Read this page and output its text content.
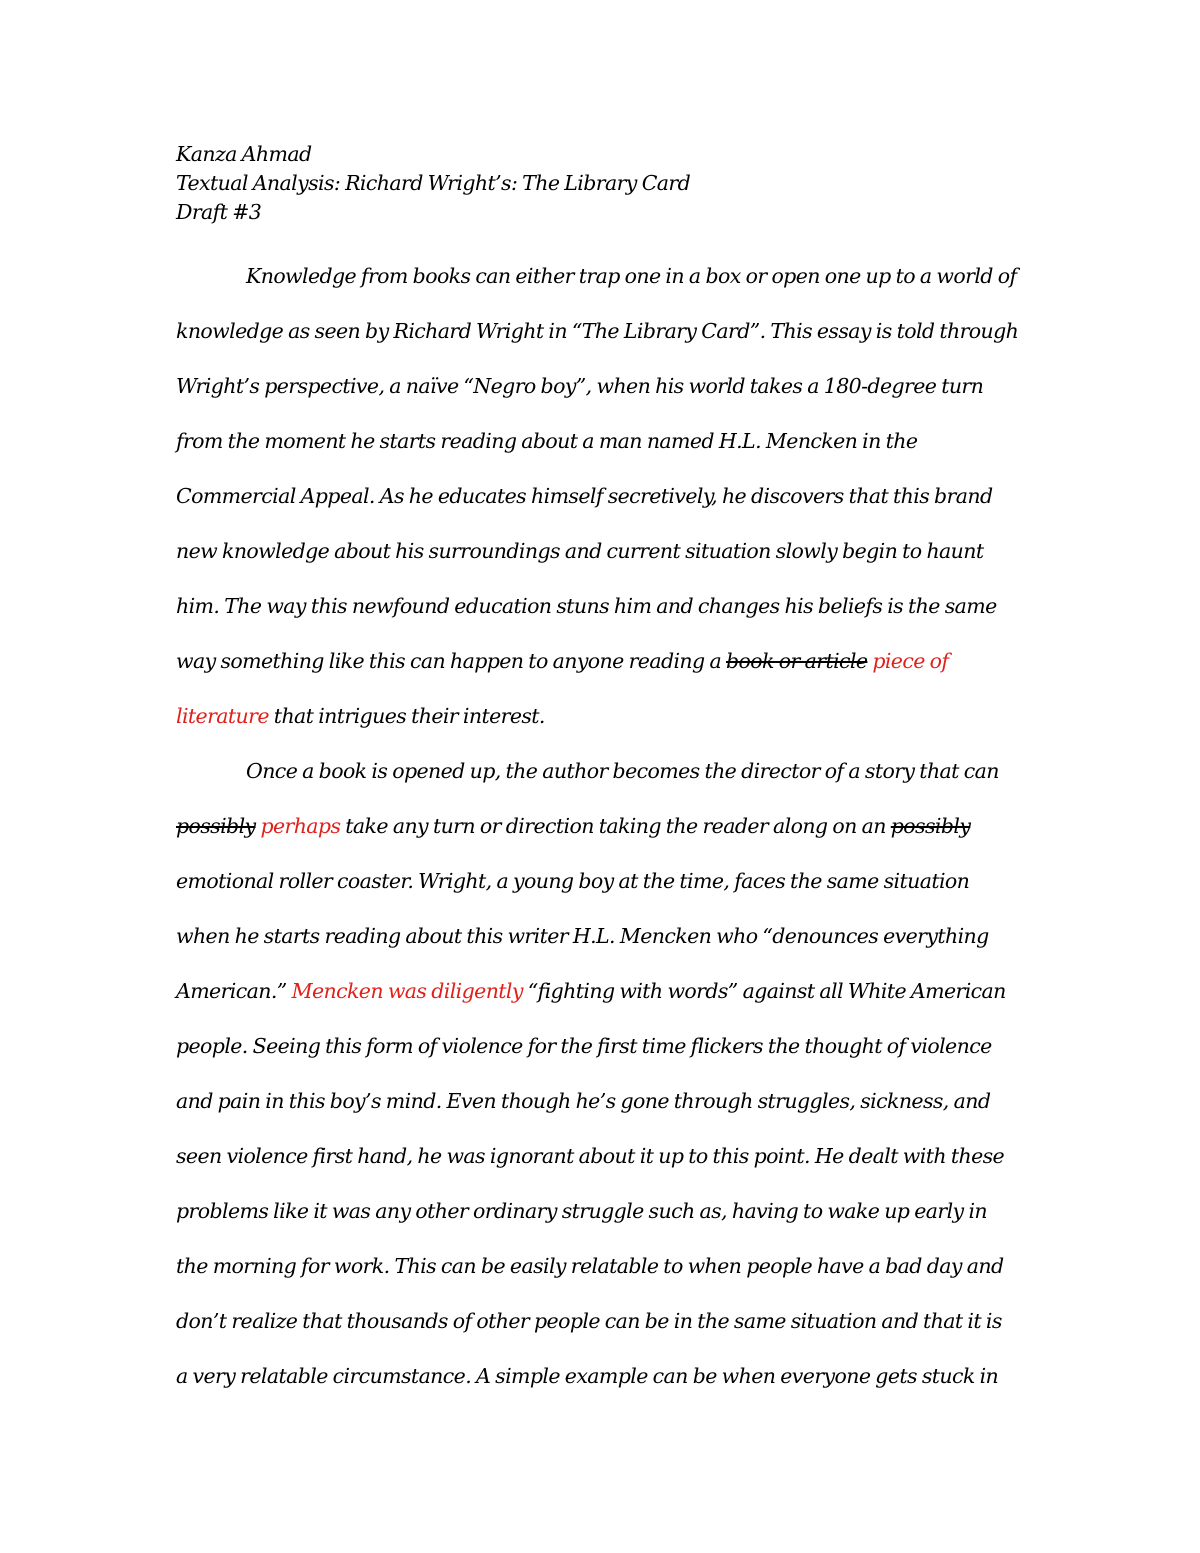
Kanza Ahmad
Textual Analysis: Richard Wright’s: The Library Card
Draft #3
Knowledge from books can either trap one in a box or open one up to a world of
knowledge as seen by Richard Wright in “The Library Card”. This essay is told through
Wright’s perspective, a naïve “Negro boy”, when his world takes a 180-degree turn
from the moment he starts reading about a man named H.L. Mencken in the
Commercial Appeal. As he educates himself secretively, he discovers that this brand
new knowledge about his surroundings and current situation slowly begin to haunt
him. The way this newfound education stuns him and changes his beliefs is the same
way something like this can happen to anyone reading a book or article piece of
literature that intrigues their interest.
Once a book is opened up, the author becomes the director of a story that can
possibly perhaps take any turn or direction taking the reader along on an possibly
emotional roller coaster. Wright, a young boy at the time, faces the same situation
when he starts reading about this writer H.L. Mencken who “denounces everything
American.” Mencken was diligently “fighting with words” against all White American
people. Seeing this form of violence for the first time flickers the thought of violence
and pain in this boy’s mind. Even though he’s gone through struggles, sickness, and
seen violence first hand, he was ignorant about it up to this point. He dealt with these
problems like it was any other ordinary struggle such as, having to wake up early in
the morning for work. This can be easily relatable to when people have a bad day and
don’t realize that thousands of other people can be in the same situation and that it is
a very relatable circumstance. A simple example can be when everyone gets stuck in
